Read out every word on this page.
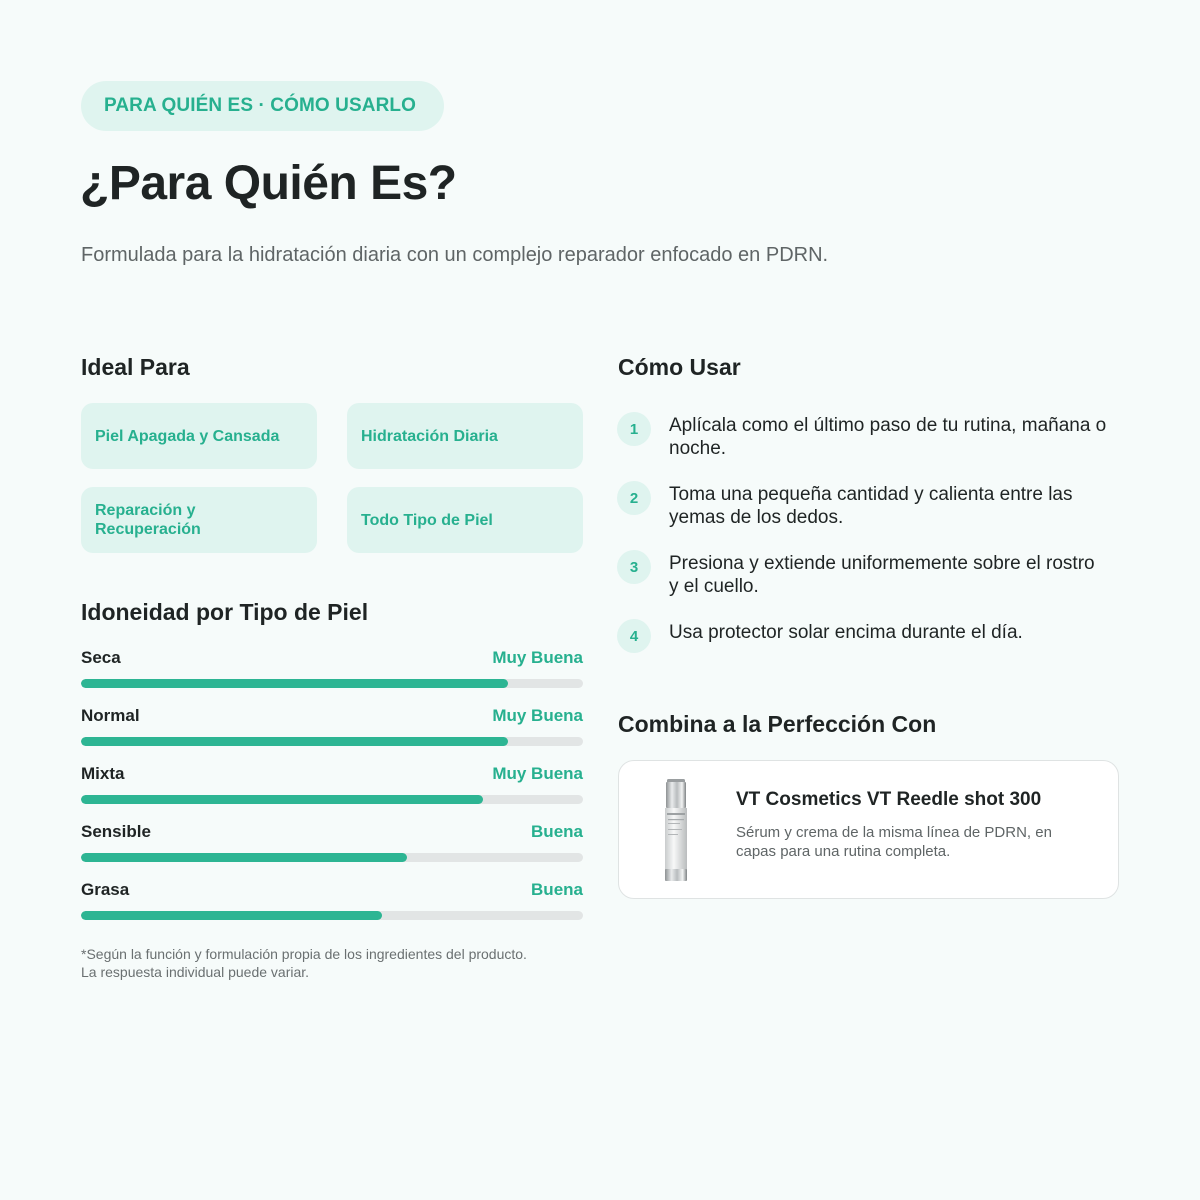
PARA QUIÉN ES · CÓMO USARLO
¿Para Quién Es?

Formulada para la hidratación diaria con un complejo reparador enfocado en PDRN.

Ideal Para
Piel Apagada y Cansada	Hidratación Diaria
Reparación y Recuperación
Todo Tipo de Piel
Idoneidad por Tipo de Piel
Seca	Muy Buena
Normal	Muy Buena
Mixta	Muy Buena
Sensible	Buena
Grasa	Buena
*Según la función y formulación propia de los ingredientes del producto.
La respuesta individual puede variar.
Cómo Usar
1	Aplícala como el último paso de tu rutina, mañana o noche.
2	Toma una pequeña cantidad y calienta entre las yemas de los dedos.
3	Presiona y extiende uniformemente sobre el rostro y el cuello.
4	Usa protector solar encima durante el día.
Combina a la Perfección Con
VT Cosmetics VT Reedle shot 300
Sérum y crema de la misma línea de PDRN, en capas para una rutina completa.
